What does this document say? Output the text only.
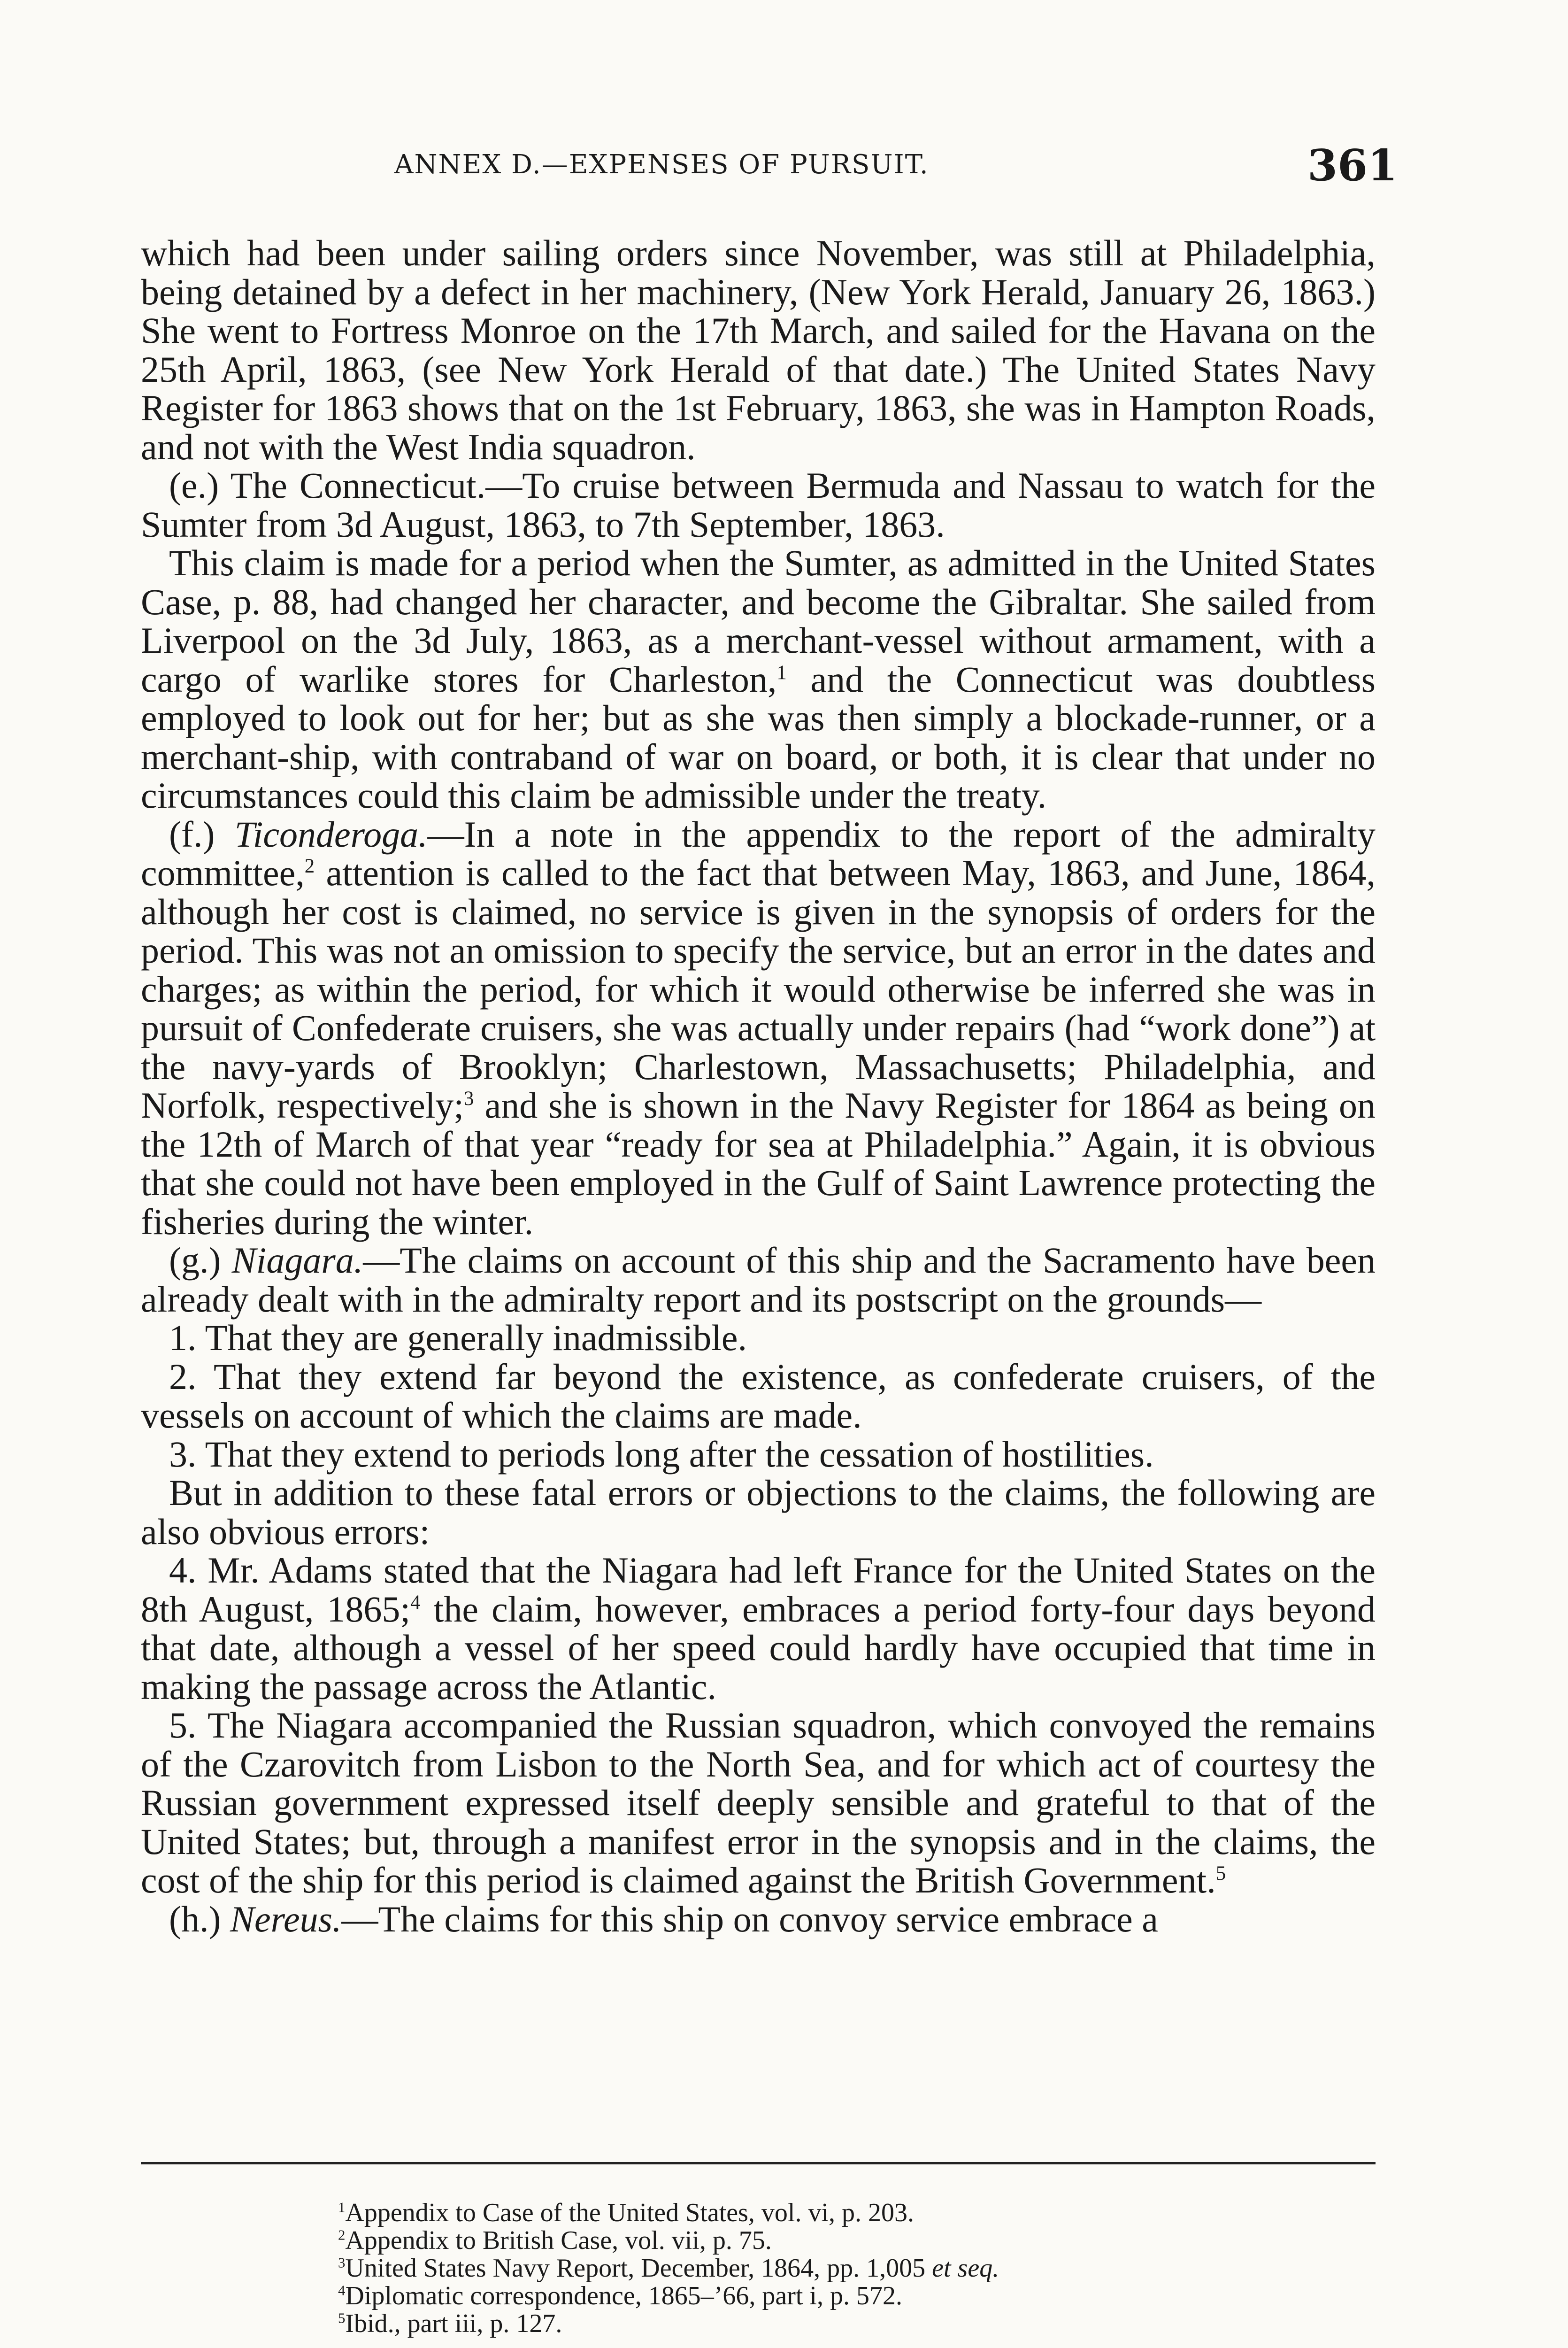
ANNEX D.—EXPENSES OF PURSUIT.	361

which had been under sailing orders since November, was still at Philadelphia, being detained by a defect in her machinery, (New York Herald, January 26, 1863.) She went to Fortress Monroe on the 17th March, and sailed for the Havana on the 25th April, 1863, (see New York Herald of that date.) The United States Navy Register for 1863 shows that on the 1st February, 1863, she was in Hampton Roads, and not with the West India squadron.

(e.) The Connecticut.—To cruise between Bermuda and Nassau to watch for the Sumter from 3d August, 1863, to 7th September, 1863.

This claim is made for a period when the Sumter, as admitted in the United States Case, p. 88, had changed her character, and become the Gibraltar. She sailed from Liverpool on the 3d July, 1863, as a merchant-vessel without armament, with a cargo of warlike stores for Charleston,$^1$ and the Connecticut was doubtless employed to look out for her; but as she was then simply a blockade-runner, or a merchant-ship, with contraband of war on board, or both, it is clear that under no circumstances could this claim be admissible under the treaty.

(f.) Ticonderoga.—In a note in the appendix to the report of the admiralty committee,$^2$ attention is called to the fact that between May, 1863, and June, 1864, although her cost is claimed, no service is given in the synopsis of orders for the period. This was not an omission to specify the service, but an error in the dates and charges; as within the period, for which it would otherwise be inferred she was in pursuit of Confederate cruisers, she was actually under repairs (had “work done”) at the navy-yards of Brooklyn; Charlestown, Massachusetts; Philadelphia, and Norfolk, respectively;$^3$ and she is shown in the Navy Register for 1864 as being on the 12th of March of that year “ready for sea at Philadelphia.” Again, it is obvious that she could not have been employed in the Gulf of Saint Lawrence protecting the fisheries during the winter.

(g.) Niagara.—The claims on account of this ship and the Sacramento have been already dealt with in the admiralty report and its postscript on the grounds—

1. That they are generally inadmissible.

2. That they extend far beyond the existence, as confederate cruisers, of the vessels on account of which the claims are made.

3. That they extend to periods long after the cessation of hostilities.

But in addition to these fatal errors or objections to the claims, the following are also obvious errors:

4. Mr. Adams stated that the Niagara had left France for the United States on the 8th August, 1865;$^4$ the claim, however, embraces a period forty-four days beyond that date, although a vessel of her speed could hardly have occupied that time in making the passage across the Atlantic.

5. The Niagara accompanied the Russian squadron, which convoyed the remains of the Czarovitch from Lisbon to the North Sea, and for which act of courtesy the Russian government expressed itself deeply sensible and grateful to that of the United States; but, through a manifest error in the synopsis and in the claims, the cost of the ship for this period is claimed against the British Government.$^5$

(h.) Nereus.—The claims for this ship on convoy service embrace a

$^1$Appendix to Case of the United States, vol. vi, p. 203.
$^2$Appendix to British Case, vol. vii, p. 75.
$^3$United States Navy Report, December, 1864, pp. 1,005 et seq.
$^4$Diplomatic correspondence, 1865–’66, part i, p. 572.
$^5$Ibid., part iii, p. 127.
